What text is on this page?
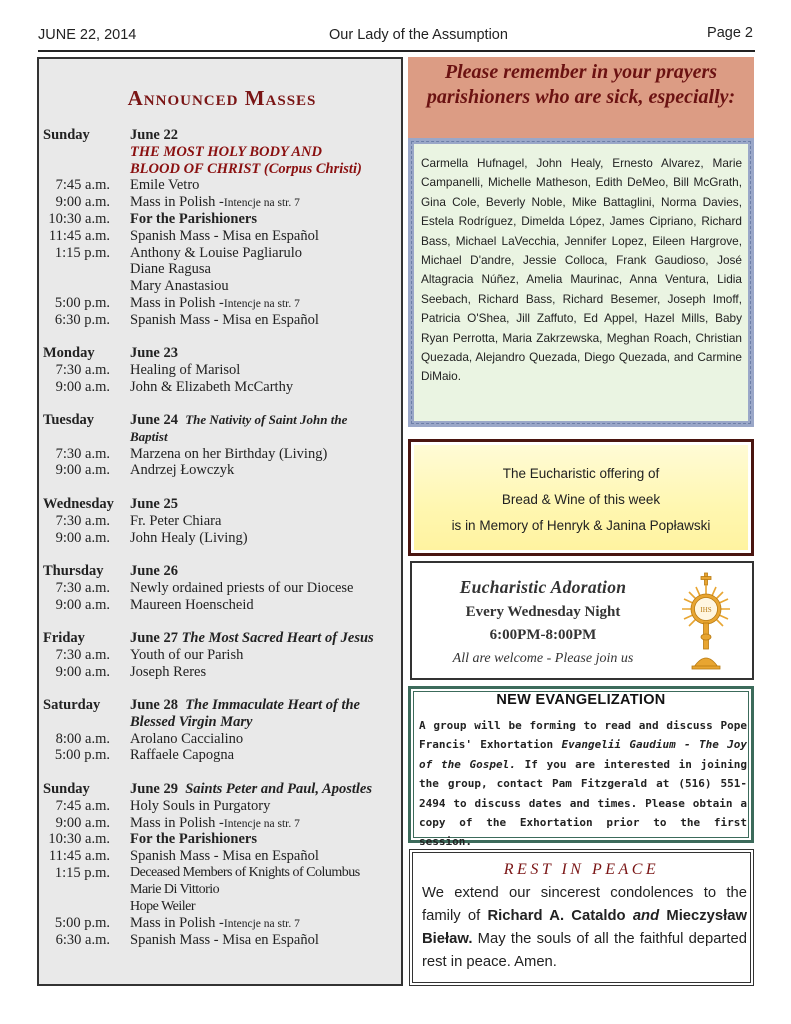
JUNE 22, 2014	Our Lady of the Assumption	Page 2
Announced Masses
Sunday	June 22
THE MOST HOLY BODY AND
BLOOD OF CHRIST (Corpus Christi)
7:45 a.m. Emile Vetro
9:00 a.m. Mass in Polish -Intencje na str. 7
10:30 a.m. For the Parishioners
11:45 a.m. Spanish Mass - Misa en Español
1:15 p.m. Anthony & Louise Pagliarulo
Diane Ragusa
Mary Anastasiou
5:00 p.m. Mass in Polish -Intencje na str. 7
6:30 p.m. Spanish Mass - Misa en Español
Monday	June 23
7:30 a.m. Healing of Marisol
9:00 a.m. John & Elizabeth McCarthy
Tuesday	June 24 The Nativity of Saint John the
Baptist
7:30 a.m. Marzena on her Birthday (Living)
9:00 a.m. Andrzej Łowczyk
Wednesday	June 25
7:30 a.m. Fr. Peter Chiara
9:00 a.m. John Healy (Living)
Thursday	June 26
7:30 a.m. Newly ordained priests of our Diocese
9:00 a.m. Maureen Hoenscheid
Friday	June 27 The Most Sacred Heart of Jesus
7:30 a.m. Youth of our Parish
9:00 a.m. Joseph Reres
Saturday	June 28 The Immaculate Heart of the
Blessed Virgin Mary
8:00 a.m. Arolano Caccialino
5:00 p.m. Raffaele Capogna
Sunday	June 29 Saints Peter and Paul, Apostles
7:45 a.m. Holy Souls in Purgatory
9:00 a.m. Mass in Polish -Intencje na str. 7
10:30 a.m. For the Parishioners
11:45 a.m. Spanish Mass - Misa en Español
1:15 p.m. Deceased Members of Knights of Columbus
Marie Di Vittorio
Hope Weiler
5:00 p.m. Mass in Polish -Intencje na str. 7
6:30 a.m. Spanish Mass - Misa en Español
Please remember in your prayers parishioners who are sick, especially:
Carmella Hufnagel, John Healy, Ernesto Alvarez, Marie Campanelli, Michelle Matheson, Edith DeMeo, Bill McGrath, Gina Cole, Beverly Noble, Mike Battaglini, Norma Davies, Estela Rodríguez, Dimelda López, James Cipriano, Richard Bass, Michael LaVecchia, Jennifer Lopez, Eileen Hargrove, Michael D'andre, Jessie Colloca, Frank Gaudioso, José Altagracia Núñez, Amelia Maurinac, Anna Ventura, Lidia Seebach, Richard Bass, Richard Besemer, Joseph Imoff, Patricia O'Shea, Jill Zaffuto, Ed Appel, Hazel Mills, Baby Ryan Perrotta, Maria Zakrzewska, Meghan Roach, Christian Quezada, Alejandro Quezada, Diego Quezada, and Carmine DiMaio.
The Eucharistic offering of
Bread & Wine of this week
is in Memory of Henryk & Janina Popławski
Eucharistic Adoration
Every Wednesday Night
6:00PM-8:00PM
All are welcome - Please join us
IHS
NEW EVANGELIZATION
A group will be forming to read and discuss Pope Francis' Exhortation Evangelii Gaudium - The Joy of the Gospel. If you are interested in joining the group, contact Pam Fitzgerald at (516) 551-2494 to discuss dates and times. Please obtain a copy of the Exhortation prior to the first session.
REST IN PEACE
We extend our sincerest condolences to the family of Richard A. Cataldo and Mieczysław Bieław. May the souls of all the faithful departed rest in peace. Amen.
